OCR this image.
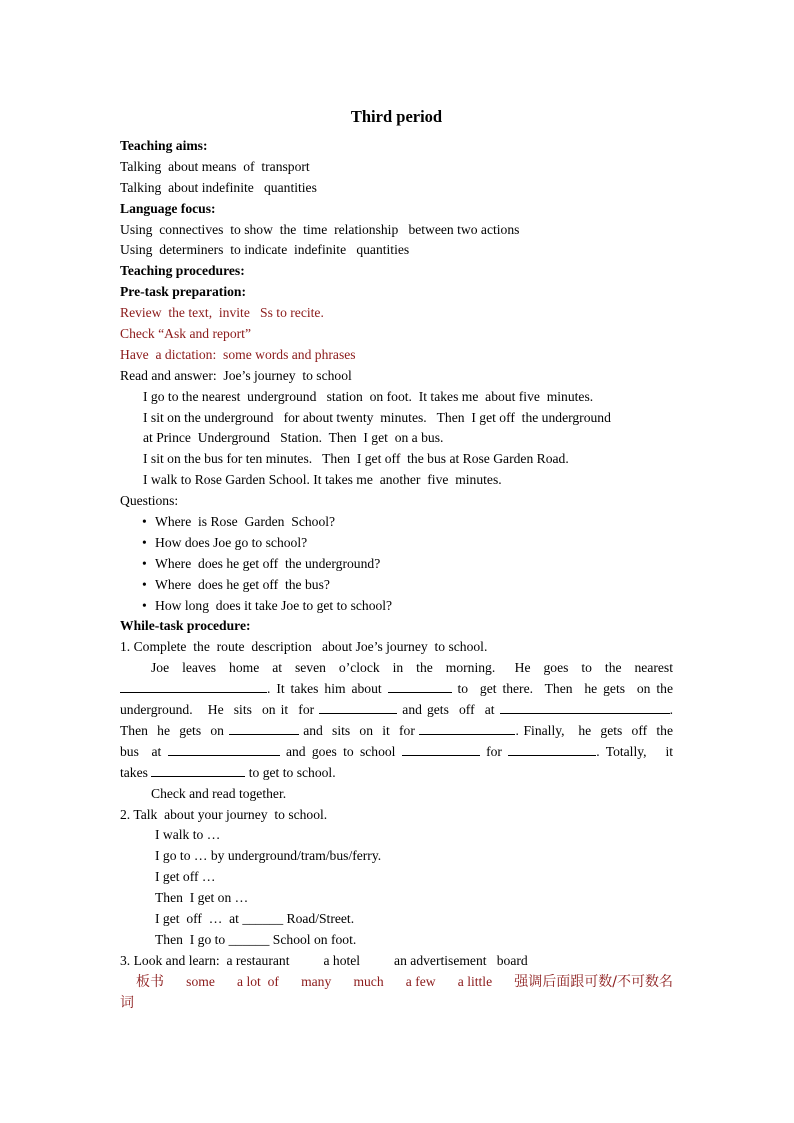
Third period
Teaching aims:
Talking  about means  of  transport
Talking  about indefinite   quantities
Language focus:
Using  connectives  to show  the  time  relationship   between two actions
Using  determiners  to indicate  indefinite   quantities
Teaching procedures:
Pre-task preparation:
Review  the text,  invite   Ss to recite.
Check “Ask and report”
Have  a dictation:  some words and phrases
Read and answer:  Joe’s journey  to school
I go to the nearest  underground   station  on foot.  It takes me  about five  minutes.
I sit on the underground   for about twenty  minutes.   Then  I get off  the underground
at Prince  Underground   Station.  Then  I get  on a bus.
I sit on the bus for ten minutes.   Then  I get off  the bus at Rose Garden Road.
I walk to Rose Garden School. It takes me  another  five  minutes.
Questions:
• Where  is Rose  Garden  School?
• How does Joe go to school?
• Where  does he get off  the underground?
• Where  does he get off  the bus?
• How long  does it take Joe to get to school?
While-task procedure:
1. Complete  the  route  description   about Joe’s journey  to school.
Joe  leaves  home  at  seven  o’clock  in  the  morning.   He  goes  to  the  nearest
. It takes him about	to  get there.  Then  he gets  on the
underground.   He  sits  on it  for	and gets  off  at	.
Then  he  gets  on	and  sits  on  it  for	. Finally,   he  gets  off  the
bus  at	and goes to school	for	. Totally,   it
takes	to get to school.
Check and read together.
2. Talk  about your journey  to school.
I walk to …
I go to … by underground/tram/bus/ferry.
I get off …
Then  I get on …
I get  off  …  at ______ Road/Street.
Then  I go to ______ School on foot.
3. Look and learn:  a restaurant          a hotel          an advertisement   board
板书 some a lot  of many much a few a little 强调后面跟可数/不可数名
词
